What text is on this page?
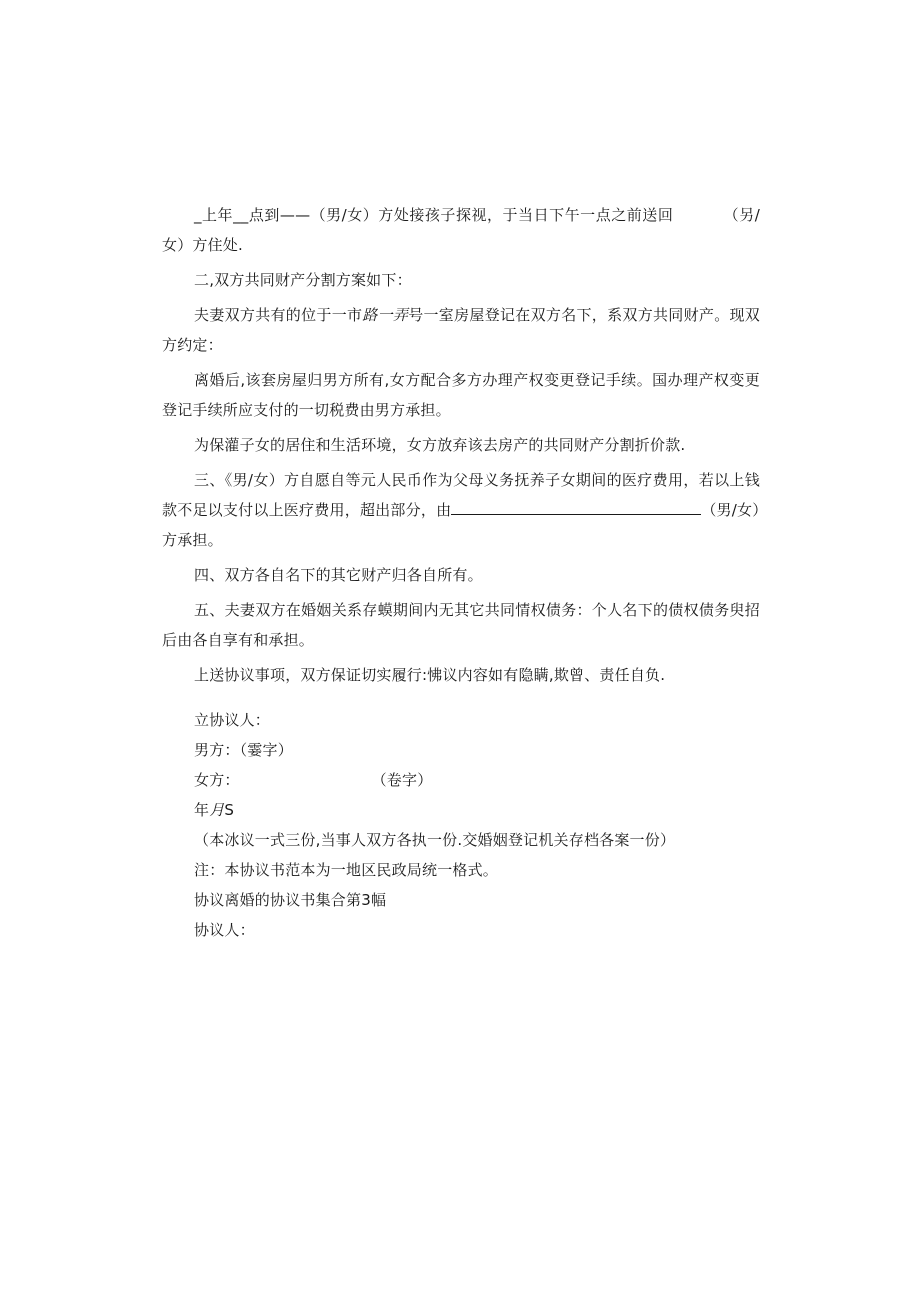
_上年__点到——（男/女）方处接孩子探视，于当日下午一点之前送回	（另/女）方住处.

二,双方共同财产分割方案如下：

夫妻双方共有的位于一市路一弄号一室房屋登记在双方名下，系双方共同财产。现双方约定：

离婚后,该套房屋归男方所有,女方配合多方办理产权变更登记手续。国办理产权变更登记手续所应支付的一切税费由男方承担。

为保灌子女的居住和生活环境，女方放弃该去房产的共同财产分割折价款.

三、《男/女）方自愿自等元人民币作为父母义务抚养子女期间的医疗费用，若以上钱款不足以支付以上医疗费用，超出部分，由	（男/女）方承担。

四、双方各自名下的其它财产归各自所有。

五、夫妻双方在婚姻关系存蟆期间内无其它共同情权债务：个人名下的债权债务臾招后由各自享有和承担。

上送协议事项，双方保证切实履行:怫议内容如有隐瞒,欺曾、责任自负.

立协议人：

男方：（霎字）

女方：	（卷字）

年月S

（本冰议一式三份,当事人双方各执一份.交婚姻登记机关存档各案一份）

注：本协议书范本为一地区民政局统一格式。

协议离婚的协议书集合第3幅

协议人：
